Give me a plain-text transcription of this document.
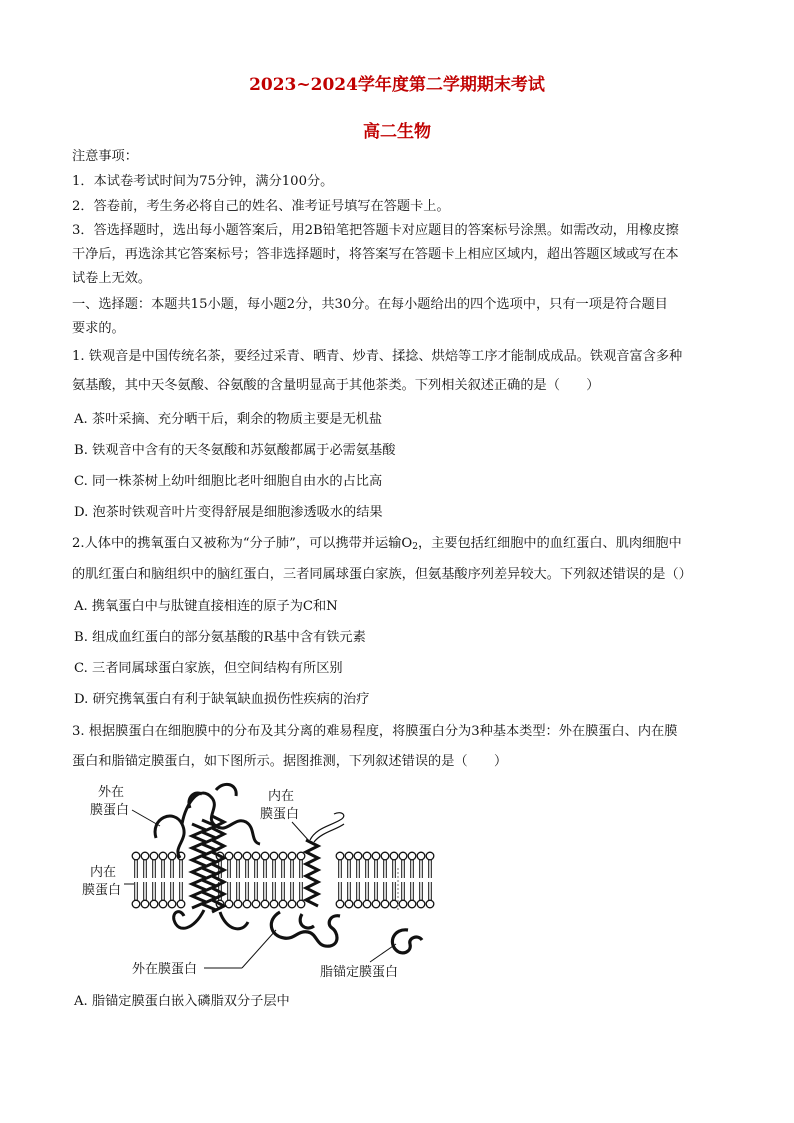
2023~2024学年度第二学期期末考试
高二生物
注意事项：
1．本试卷考试时间为75分钟，满分100分。
2．答卷前，考生务必将自己的姓名、准考证号填写在答题卡上。
3．答选择题时，选出每小题答案后，用2B铅笔把答题卡对应题目的答案标号涂黑。如需改动，用橡皮擦
干净后，再选涂其它答案标号；答非选择题时，将答案写在答题卡上相应区域内，超出答题区域或写在本
试卷上无效。
一、选择题：本题共15小题，每小题2分，共30分。在每小题给出的四个选项中，只有一项是符合题目
要求的。
1. 铁观音是中国传统名茶，要经过采青、晒青、炒青、揉捻、烘焙等工序才能制成成品。铁观音富含多种
氨基酸，其中天冬氨酸、谷氨酸的含量明显高于其他茶类。下列相关叙述正确的是（　　）
A. 茶叶采摘、充分晒干后，剩余的物质主要是无机盐
B. 铁观音中含有的天冬氨酸和苏氨酸都属于必需氨基酸
C. 同一株茶树上幼叶细胞比老叶细胞自由水的占比高
D. 泡茶时铁观音叶片变得舒展是细胞渗透吸水的结果
2.人体中的携氧蛋白又被称为“分子肺”，可以携带并运输$O_2$，主要包括红细胞中的血红蛋白、肌肉细胞中
的肌红蛋白和脑组织中的脑红蛋白，三者同属球蛋白家族，但氨基酸序列差异较大。下列叙述错误的是（）
A. 携氧蛋白中与肽键直接相连的原子为C和N
B. 组成血红蛋白的部分氨基酸的R基中含有铁元素
C. 三者同属球蛋白家族，但空间结构有所区别
D. 研究携氧蛋白有利于缺氧缺血损伤性疾病的治疗
3. 根据膜蛋白在细胞膜中的分布及其分离的难易程度，将膜蛋白分为3种基本类型：外在膜蛋白、内在膜
蛋白和脂锚定膜蛋白，如下图所示。据图推测，下列叙述错误的是（　　）
外在
膜蛋白
内在
膜蛋白
内在
膜蛋白
外在膜蛋白	脂锚定膜蛋白
A. 脂锚定膜蛋白嵌入磷脂双分子层中
